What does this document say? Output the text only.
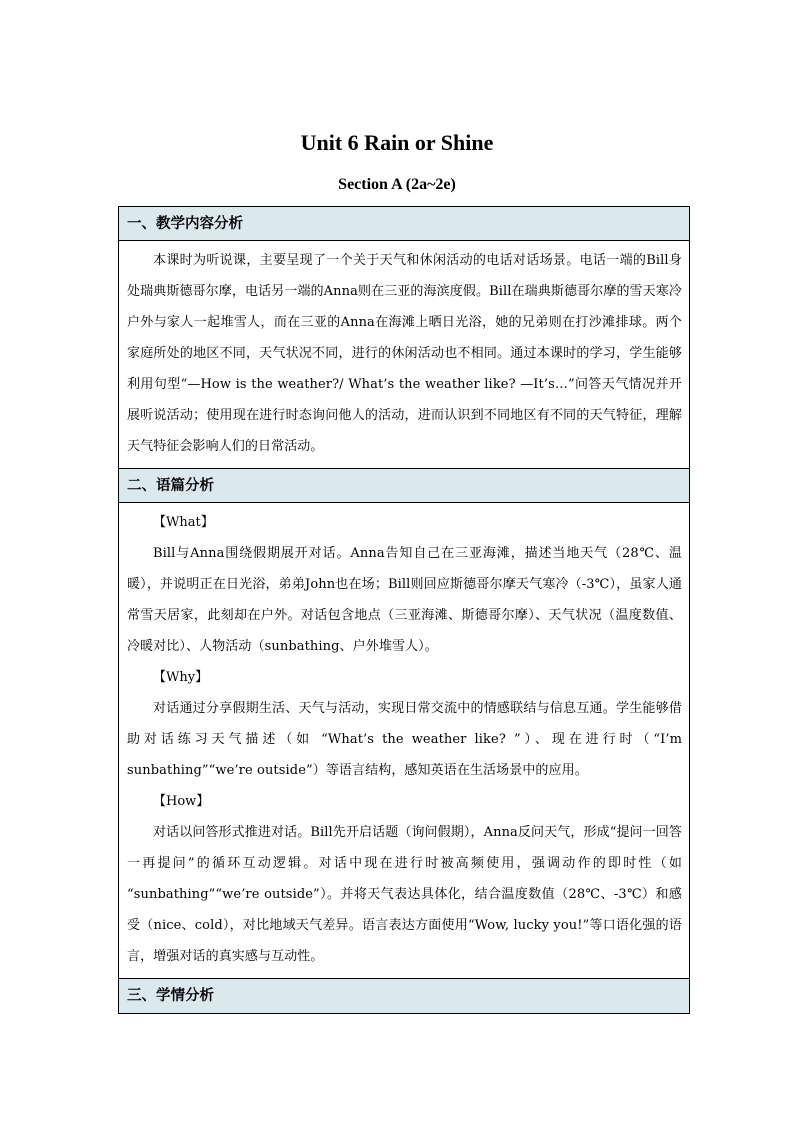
Unit 6 Rain or Shine
Section A (2a~2e)
一、教学内容分析

本课时为听说课，主要呈现了一个关于天气和休闲活动的电话对话场景。电话一端的Bill身处瑞典斯德哥尔摩，电话另一端的Anna则在三亚的海滨度假。Bill在瑞典斯德哥尔摩的雪天寒冷户外与家人一起堆雪人，而在三亚的Anna在海滩上晒日光浴，她的兄弟则在打沙滩排球。两个家庭所处的地区不同，天气状况不同，进行的休闲活动也不相同。通过本课时的学习，学生能够利用句型“—How is the weather?/ What’s the weather like? —It’s…”问答天气情况并开展听说活动；使用现在进行时态询问他人的活动，进而认识到不同地区有不同的天气特征，理解天气特征会影响人们的日常活动。

二、语篇分析

【What】

Bill与Anna围绕假期展开对话。Anna告知自己在三亚海滩，描述当地天气（28℃、温暖），并说明正在日光浴，弟弟John也在场；Bill则回应斯德哥尔摩天气寒冷（-3℃），虽家人通常雪天居家，此刻却在户外。对话包含地点（三亚海滩、斯德哥尔摩）、天气状况（温度数值、冷暖对比）、人物活动（sunbathing、户外堆雪人）。

【Why】

对话通过分享假期生活、天气与活动，实现日常交流中的情感联结与信息互通。学生能够借助对话练习天气描述（如 “What’s the weather like? ”）、现在进行时（“I’m sunbathing”“we’re outside”）等语言结构，感知英语在生活场景中的应用。

【How】

对话以问答形式推进对话。Bill先开启话题（询问假期），Anna反问天气，形成“提问一回答一再提问”的循环互动逻辑。对话中现在进行时被高频使用，强调动作的即时性（如 “sunbathing”“we’re outside”）。并将天气表达具体化，结合温度数值（28℃、-3℃）和感受（nice、cold），对比地域天气差异。语言表达方面使用“Wow, lucky you!”等口语化强的语言，增强对话的真实感与互动性。

三、学情分析
